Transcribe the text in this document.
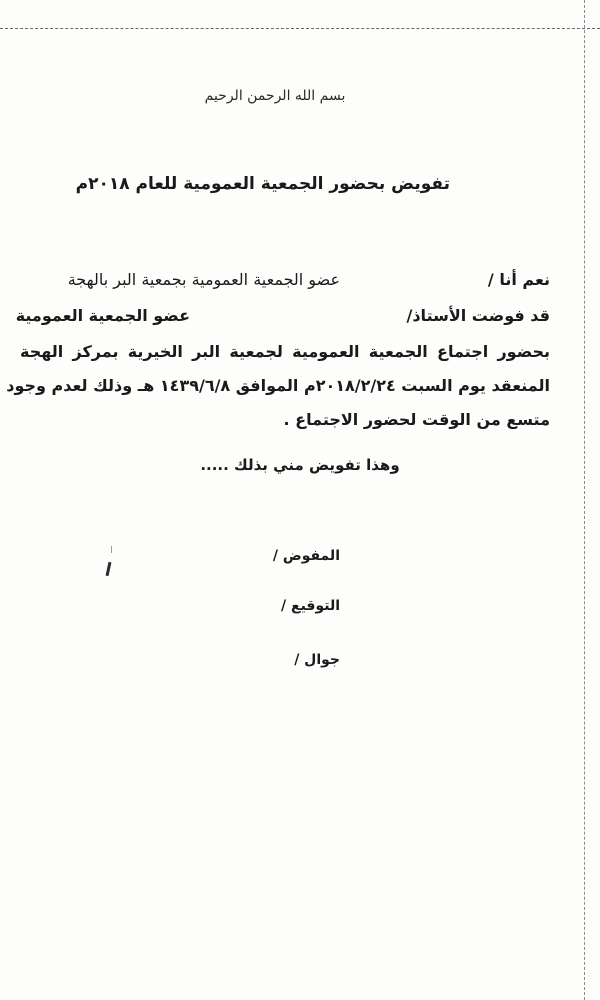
بسم الله الرحمن الرحيم
تفويض بحضور الجمعية العمومية للعام ٢٠١٨م
نعم أنا /
عضو الجمعية العمومية بجمعية البر بالهجة
قد فوضت الأستاذ/
عضو الجمعية العمومية
بحضور اجتماع الجمعية العمومية لجمعية البر الخيرية بمركز الهجة
المنعقد يوم السبت ٢٠١٨/٢/٢٤م الموافق ١٤٣٩/٦/٨ هـ وذلك لعدم وجود
متسع من الوقت لحضور الاجتماع .
وهذا تفويض مني بذلك .....
المفوض /
التوقيع /
جوال /
